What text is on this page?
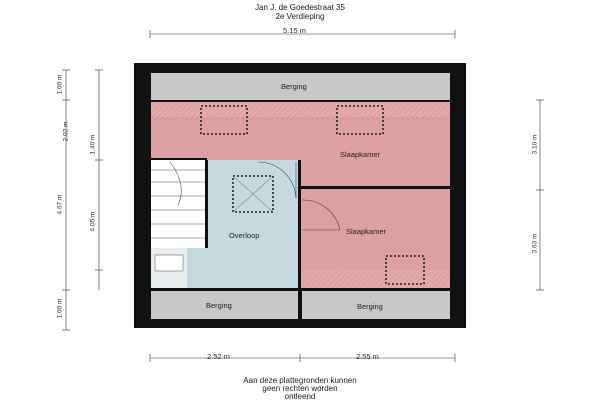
Jan J. de Goedestraat 35
2e Verdieping
5.15 m
2.52 m	2.55 m
1.00 m
4.67 m
1.00 m
2.02 m
1.40 m
4.05 m
3.10 m
3.63 m
Berging
Slaapkamer
Overloop	Slaapkamer
Berging	Berging
Aan deze plattegronden kunnen
geen rechten worden
ontleend
